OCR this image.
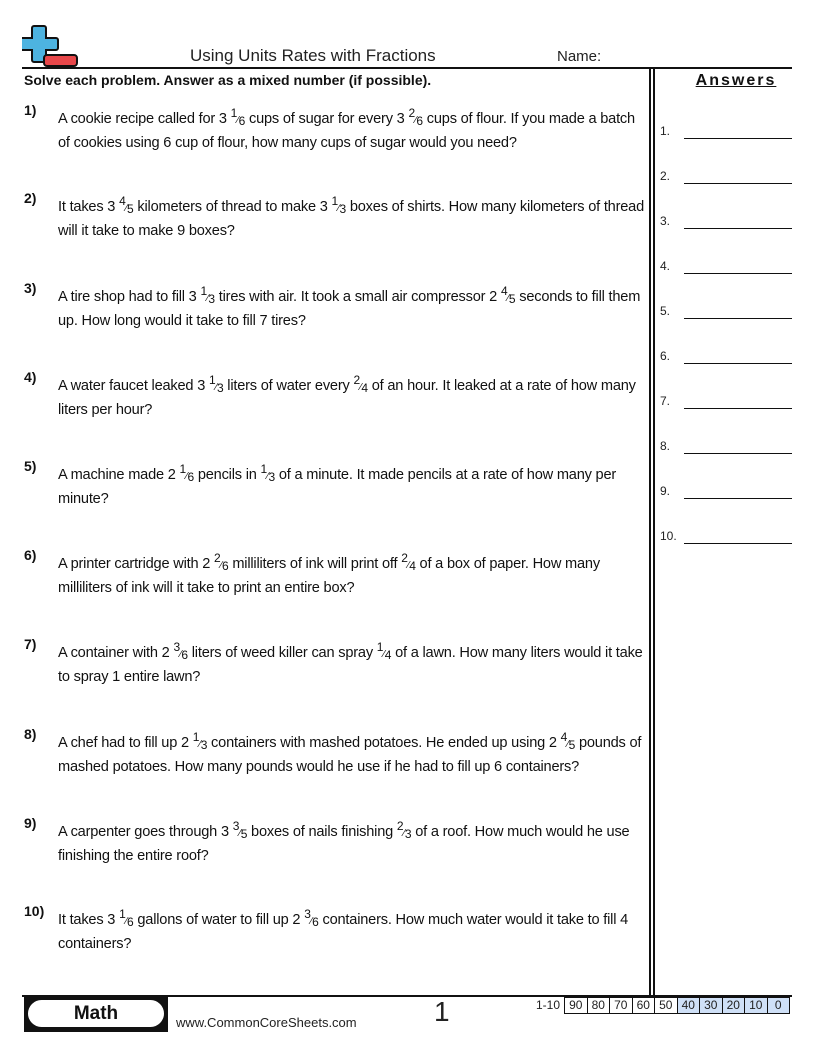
Using Units Rates with Fractions	Name:
Solve each problem. Answer as a mixed number (if possible).
1)
A cookie recipe called for 3 $^1$⁄6 cups of sugar for every 3 $^2$⁄6 cups of flour. If you made a batch of cookies using 6 cup of flour, how many cups of sugar would you need?
2)
It takes 3 $^4$⁄5 kilometers of thread to make 3 $^1$⁄3 boxes of shirts. How many kilometers of thread will it take to make 9 boxes?
3)
A tire shop had to fill 3 $^1$⁄3 tires with air. It took a small air compressor 2 $^4$⁄5 seconds to fill them up. How long would it take to fill 7 tires?
4)
A water faucet leaked 3 $^1$⁄3 liters of water every $^2$⁄4 of an hour. It leaked at a rate of how many liters per hour?
5)
A machine made 2 $^1$⁄6 pencils in $^1$⁄3 of a minute. It made pencils at a rate of how many per minute?
6)
A printer cartridge with 2 $^2$⁄6 milliliters of ink will print off $^2$⁄4 of a box of paper. How many milliliters of ink will it take to print an entire box?
7)
A container with 2 $^3$⁄6 liters of weed killer can spray $^1$⁄4 of a lawn. How many liters would it take to spray 1 entire lawn?
8)
A chef had to fill up 2 $^1$⁄3 containers with mashed potatoes. He ended up using 2 $^4$⁄5 pounds of mashed potatoes. How many pounds would he use if he had to fill up 6 containers?
9)
A carpenter goes through 3 $^3$⁄5 boxes of nails finishing $^2$⁄3 of a roof. How much would he use finishing the entire roof?
10)
It takes 3 $^1$⁄6 gallons of water to fill up 2 $^3$⁄6 containers. How much water would it take to fill 4 containers?
Answers
1.
2.
3.
4.
5.
6.
7.
8.
9.
10.
Math	www.CommonCoreSheets.com	1	1-10 90 80 70 60 50 40 30 20 10	0
